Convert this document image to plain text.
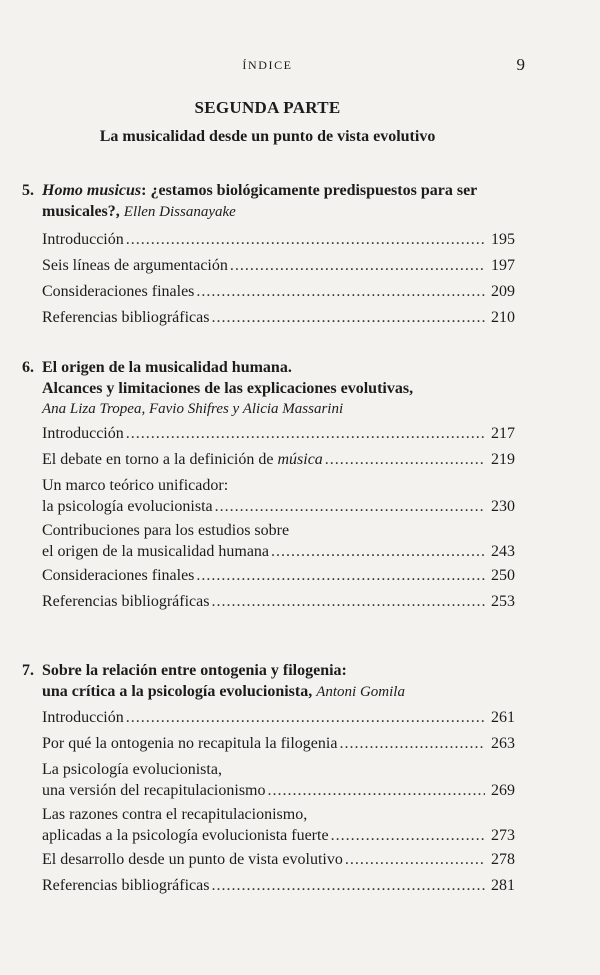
ÍNDICE	9
SEGUNDA PARTE
La musicalidad desde un punto de vista evolutivo
5. Homo musicus: ¿estamos biológicamente predispuestos para ser musicales?, Ellen Dissanayake
Introducción .....	195
Seis líneas de argumentación .....	197
Consideraciones finales .....	209
Referencias bibliográficas .....	210
6. El origen de la musicalidad humana.
Alcances y limitaciones de las explicaciones evolutivas,
Ana Liza Tropea, Favio Shifres y Alicia Massarini
Introducción .....	217
El debate en torno a la definición de música .....	219
Un marco teórico unificador:
la psicología evolucionista .....	230
Contribuciones para los estudios sobre
el origen de la musicalidad humana .....	243
Consideraciones finales .....	250
Referencias bibliográficas .....	253
7. Sobre la relación entre ontogenia y filogenia:
una crítica a la psicología evolucionista, Antoni Gomila
Introducción .....	261
Por qué la ontogenia no recapitula la filogenia .....	263
La psicología evolucionista,
una versión del recapitulacionismo .....	269
Las razones contra el recapitulacionismo,
aplicadas a la psicología evolucionista fuerte .....	273
El desarrollo desde un punto de vista evolutivo .....	278
Referencias bibliográficas .....	281
